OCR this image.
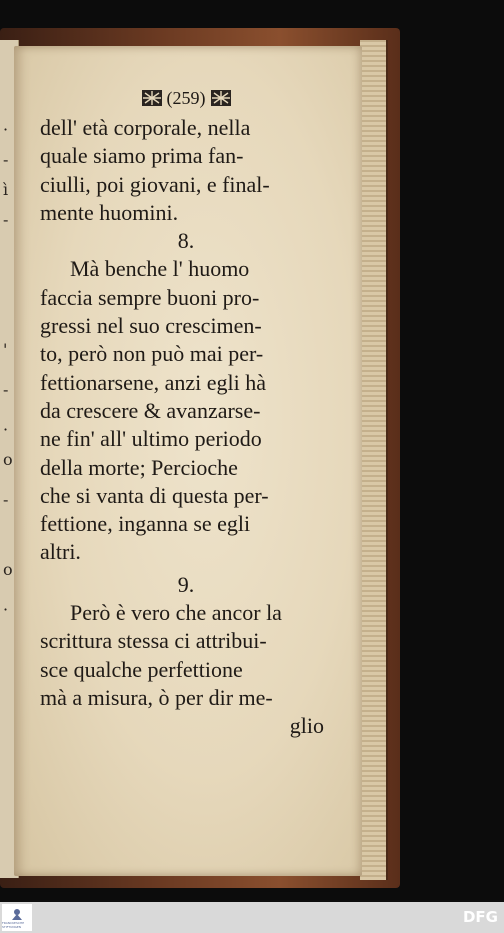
·
-
ì
-
'
-
·
o
-
o
·
(259)
dell' età corporale, nella
quale siamo prima fan-
ciulli, poi giovani, e final-
mente huomini.
8.
Mà benche l' huomo
faccia sempre buoni pro-
gressi nel suo crescimen-
to, però non può mai per-
fettionarsene, anzi egli hà
da crescere & avanzarse-
ne fin' all' ultimo periodo
della morte; Percioche
che si vanta di questa per-
fettione, inganna se egli
altri.
9.
Però è vero che ancor la
scrittura stessa ci attribui-
sce qualche perfettione
mà a misura, ò per dir me-
glio
FRANCKESCHE STIFTUNGEN
DFG
